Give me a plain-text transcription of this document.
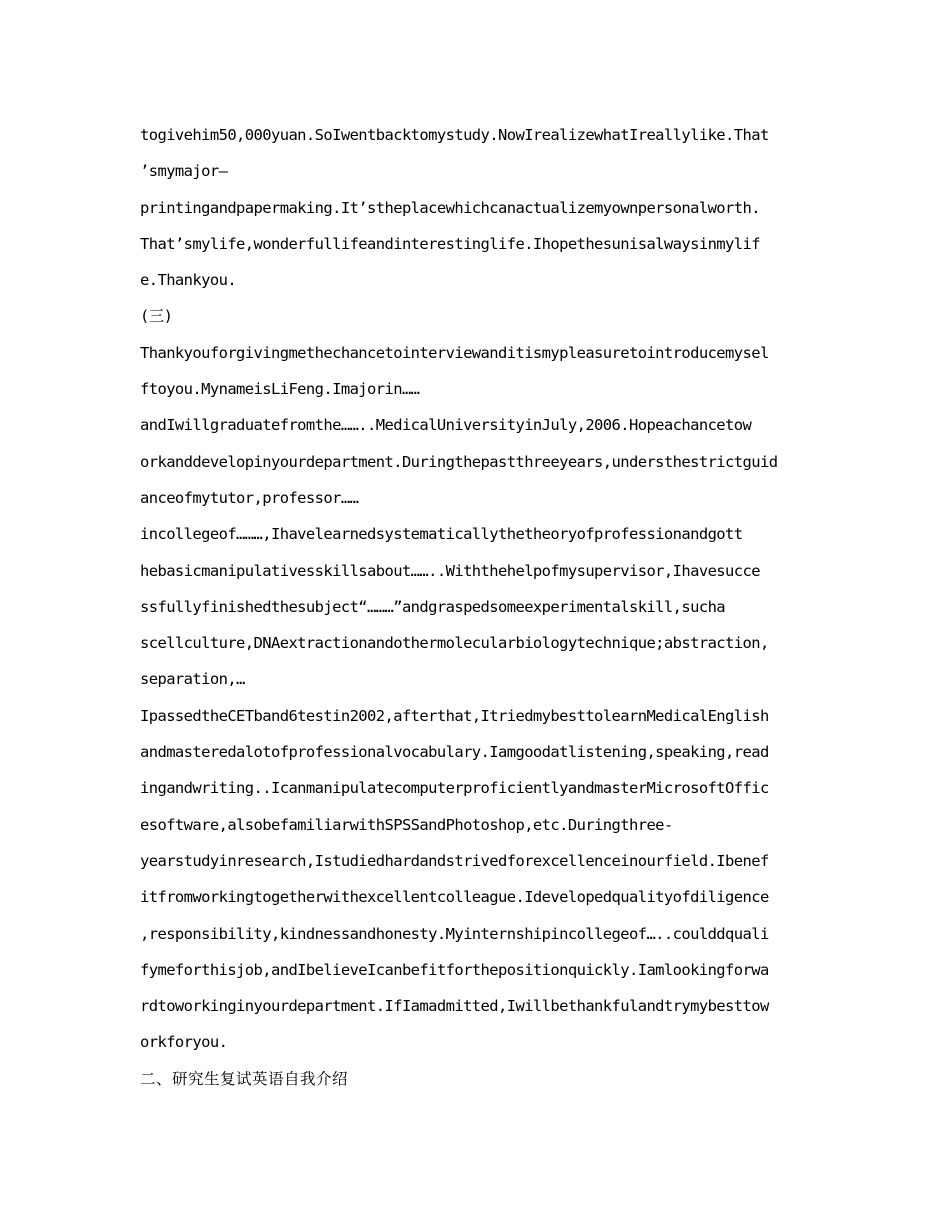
togivehim50,000yuan.SoIwentbacktomystudy.NowIrealizewhatIreallylike.That
’smymajor—
printingandpapermaking.It’stheplacewhichcanactualizemyownpersonalworth.
That’smylife,wonderfullifeandinterestinglife.Ihopethesunisalwaysinmylif
e.Thankyou.
(三)
Thankyouforgivingmethechancetointerviewanditismypleasuretointroducemysel
ftoyou.MynameisLiFeng.Imajorin……
andIwillgraduatefromthe……..MedicalUniversityinJuly,2006.Hopeachancetow
orkanddevelopinyourdepartment.Duringthepastthreeyears,understhestrictguid
anceofmytutor,professor……
incollegeof………,Ihavelearnedsystematicallythetheoryofprofessionandgott
hebasicmanipulativesskillsabout……..Withthehelpofmysupervisor,Ihavesucce
ssfullyfinishedthesubject“………”andgraspedsomeexperimentalskill,sucha
scellculture,DNAextractionandothermolecularbiologytechnique;abstraction,
separation,…
IpassedtheCETband6testin2002,afterthat,ItriedmybesttolearnMedicalEnglish
andmasteredalotofprofessionalvocabulary.Iamgoodatlistening,speaking,read
ingandwriting..IcanmanipulatecomputerproficientlyandmasterMicrosoftOffic
esoftware,alsobefamiliarwithSPSSandPhotoshop,etc.Duringthree-
yearstudyinresearch,Istudiedhardandstrivedforexcellenceinourfield.Ibenef
itfromworkingtogetherwithexcellentcolleague.Idevelopedqualityofdiligence
,responsibility,kindnessandhonesty.Myinternshipincollegeof…..coulddquali
fymeforthisjob,andIbelieveIcanbefitforthepositionquickly.Iamlookingforwa
rdtoworkinginyourdepartment.IfIamadmitted,Iwillbethankfulandtrymybesttow
orkforyou.
二、研究生复试英语自我介绍
